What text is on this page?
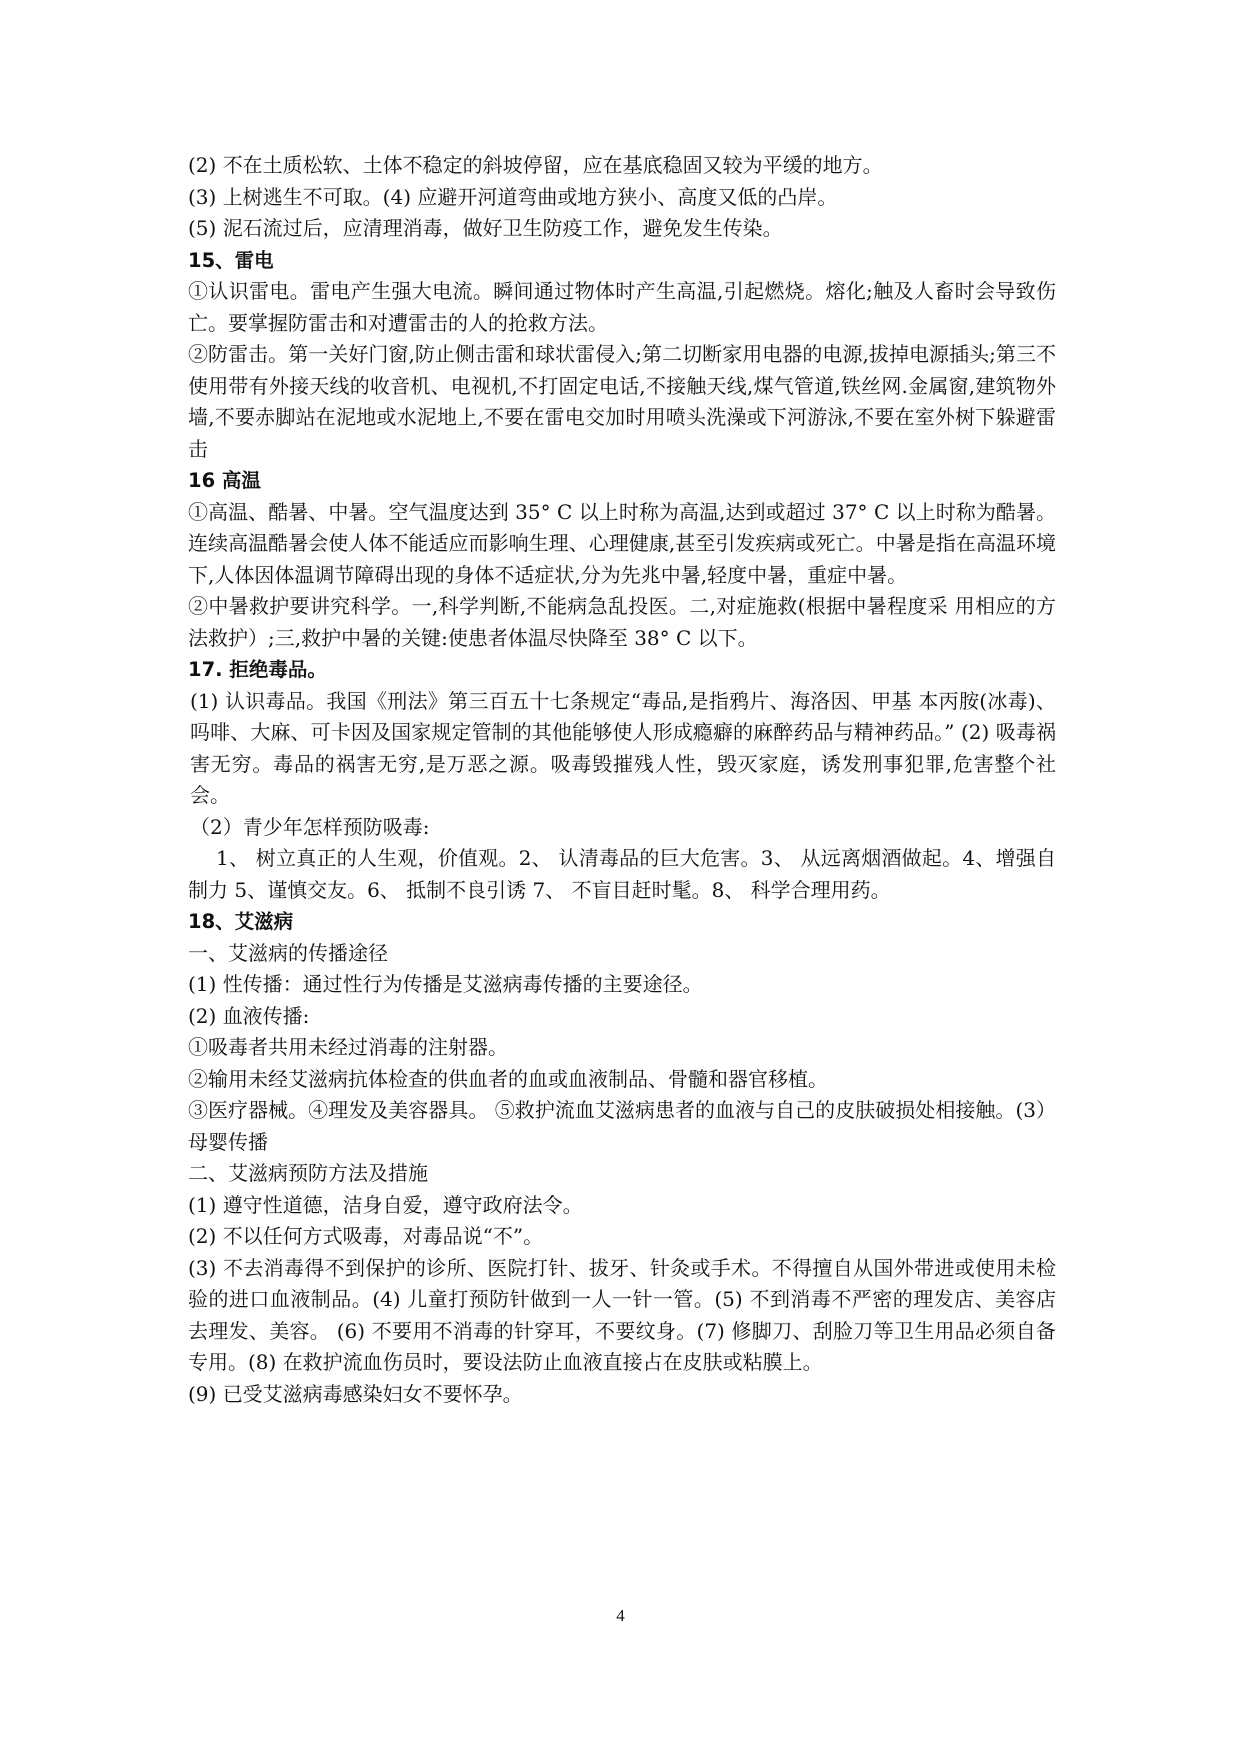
(2) 不在土质松软、土体不稳定的斜坡停留，应在基底稳固又较为平缓的地方。

(3) 上树逃生不可取。(4) 应避开河道弯曲或地方狭小、高度又低的凸岸。

(5) 泥石流过后，应清理消毒，做好卫生防疫工作，避免发生传染。

15、雷电

①认识雷电。雷电产生强大电流。瞬间通过物体时产生高温,引起燃烧。熔化;触及人畜时会导致伤亡。要掌握防雷击和对遭雷击的人的抢救方法。

②防雷击。第一关好门窗,防止侧击雷和球状雷侵入;第二切断家用电器的电源,拔掉电源插头;第三不使用带有外接天线的收音机、电视机,不打固定电话,不接触天线,煤气管道,铁丝网.金属窗,建筑物外墙,不要赤脚站在泥地或水泥地上,不要在雷电交加时用喷头洗澡或下河游泳,不要在室外树下躲避雷击

16 高温

①高温、酷暑、中暑。空气温度达到 35° C 以上时称为高温,达到或超过 37° C 以上时称为酷暑。连续高温酷暑会使人体不能适应而影响生理、心理健康,甚至引发疾病或死亡。中暑是指在高温环境下,人体因体温调节障碍出现的身体不适症状,分为先兆中暑,轻度中暑，重症中暑。

②中暑救护要讲究科学。一,科学判断,不能病急乱投医。二,对症施救(根据中暑程度采 用相应的方法救护）;三,救护中暑的关键:使患者体温尽快降至 38° C 以下。

17. 拒绝毒品。

(1) 认识毒品。我国《刑法》第三百五十七条规定“毒品,是指鸦片、海洛因、甲基 本丙胺(冰毒)、吗啡、大麻、可卡因及国家规定管制的其他能够使人形成瘾癖的麻醉药品与精神药品。” (2) 吸毒祸害无穷。毒品的祸害无穷,是万恶之源。吸毒毁摧残人性，毁灭家庭，诱发刑事犯罪,危害整个社会。

（2）青少年怎样预防吸毒:

1、 树立真正的人生观，价值观。2、 认清毒品的巨大危害。3、 从远离烟酒做起。4、增强自制力 5、谨慎交友。6、 抵制不良引诱 7、 不盲目赶时髦。8、 科学合理用药。

18、艾滋病

一、艾滋病的传播途径

(1) 性传播：通过性行为传播是艾滋病毒传播的主要途径。

(2) 血液传播:

①吸毒者共用未经过消毒的注射器。

②输用未经艾滋病抗体检查的供血者的血或血液制品、骨髓和器官移植。

③医疗器械。④理发及美容器具。 ⑤救护流血艾滋病患者的血液与自己的皮肤破损处相接触。(3）母婴传播

二、艾滋病预防方法及措施

(1) 遵守性道德，洁身自爱，遵守政府法令。

(2) 不以任何方式吸毒，对毒品说“不”。

(3) 不去消毒得不到保护的诊所、医院打针、拔牙、针灸或手术。不得擅自从国外带进或使用未检验的进口血液制品。(4) 儿童打预防针做到一人一针一管。(5) 不到消毒不严密的理发店、美容店去理发、美容。 (6) 不要用不消毒的针穿耳，不要纹身。(7) 修脚刀、刮脸刀等卫生用品必须自备专用。(8) 在救护流血伤员时，要设法防止血液直接占在皮肤或粘膜上。

(9) 已受艾滋病毒感染妇女不要怀孕。

4
